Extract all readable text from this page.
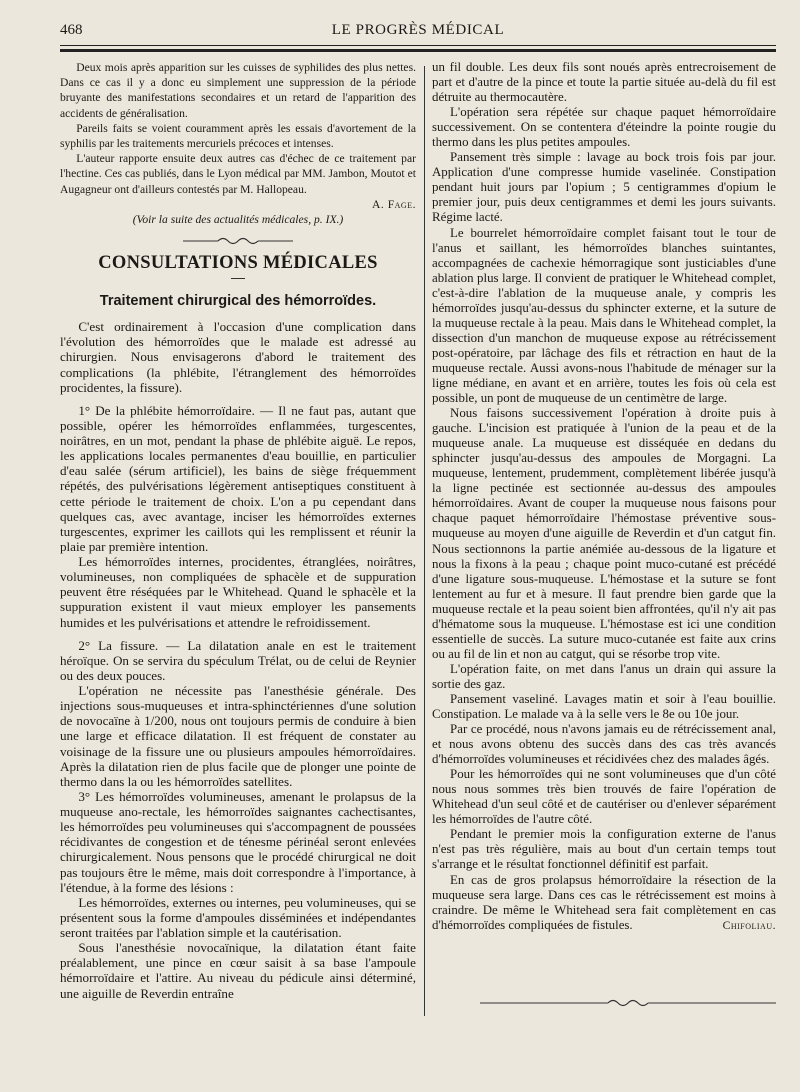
468	LE PROGRÈS MÉDICAL

Deux mois après apparition sur les cuisses de syphilides des plus nettes. Dans ce cas il y a donc eu simplement une suppression de la période bruyante des manifestations secondaires et un retard de l'apparition des accidents de généralisation.

Pareils faits se voient couramment après les essais d'avortement de la syphilis par les traitements mercuriels précoces et intenses.

L'auteur rapporte ensuite deux autres cas d'échec de ce traitement par l'hectine. Ces cas publiés, dans le Lyon médical par MM. Jambon, Moutot et Augagneur ont d'ailleurs contestés par M. Hallopeau.

A. Fage.

(Voir la suite des actualités médicales, p. IX.)

CONSULTATIONS MÉDICALES
Traitement chirurgical des hémorroïdes.

C'est ordinairement à l'occasion d'une complication dans l'évolution des hémorroïdes que le malade est adressé au chirurgien. Nous envisagerons d'abord le traitement des complications (la phlébite, l'étranglement des hémorroïdes procidentes, la fissure).

1° De la phlébite hémorroïdaire. — Il ne faut pas, autant que possible, opérer les hémorroïdes enflammées, turgescentes, noirâtres, en un mot, pendant la phase de phlébite aiguë. Le repos, les applications locales permanentes d'eau bouillie, en particulier d'eau salée (sérum artificiel), les bains de siège fréquemment répétés, des pulvérisations légèrement antiseptiques constituent à cette période le traitement de choix. L'on a pu cependant dans quelques cas, avec avantage, inciser les hémorroïdes externes turgescentes, exprimer les caillots qui les remplissent et réunir la plaie par première intention.

Les hémorroïdes internes, procidentes, étranglées, noirâtres, volumineuses, non compliquées de sphacèle et de suppuration peuvent être réséquées par le Whitehead. Quand le sphacèle et la suppuration existent il vaut mieux employer les pansements humides et les pulvérisations et attendre le refroidissement.

2° La fissure. — La dilatation anale en est le traitement héroïque. On se servira du spéculum Trélat, ou de celui de Reynier ou des deux pouces.

L'opération ne nécessite pas l'anesthésie générale. Des injections sous-muqueuses et intra-sphinctériennes d'une solution de novocaïne à 1/200, nous ont toujours permis de conduire à bien une large et efficace dilatation. Il est fréquent de constater au voisinage de la fissure une ou plusieurs ampoules hémorroïdaires. Après la dilatation rien de plus facile que de plonger une pointe de thermo dans la ou les hémorroïdes satellites.

3° Les hémorroïdes volumineuses, amenant le prolapsus de la muqueuse ano-rectale, les hémorroïdes saignantes cachectisantes, les hémorroïdes peu volumineuses qui s'accompagnent de poussées récidivantes de congestion et de ténesme périnéal seront enlevées chirurgicalement. Nous pensons que le procédé chirurgical ne doit pas toujours être le même, mais doit correspondre à l'importance, à l'étendue, à la forme des lésions :

Les hémorroïdes, externes ou internes, peu volumineuses, qui se présentent sous la forme d'ampoules disséminées et indépendantes seront traitées par l'ablation simple et la cautérisation.

Sous l'anesthésie novocaïnique, la dilatation étant faite préalablement, une pince en cœur saisit à sa base l'ampoule hémorroïdaire et l'attire. Au niveau du pédicule ainsi déterminé, une aiguille de Reverdin entraîne

un fil double. Les deux fils sont noués après entrecroisement de part et d'autre de la pince et toute la partie située au-delà du fil est détruite au thermocautère.

L'opération sera répétée sur chaque paquet hémorroïdaire successivement. On se contentera d'éteindre la pointe rougie du thermo dans les plus petites ampoules.

Pansement très simple : lavage au bock trois fois par jour. Application d'une compresse humide vaselinée. Constipation pendant huit jours par l'opium ; 5 centigrammes d'opium le premier jour, puis deux centigrammes et demi les jours suivants. Régime lacté.

Le bourrelet hémorroïdaire complet faisant tout le tour de l'anus et saillant, les hémorroïdes blanches suintantes, accompagnées de cachexie hémorragique sont justiciables d'une ablation plus large. Il convient de pratiquer le Whitehead complet, c'est-à-dire l'ablation de la muqueuse anale, y compris les hémorroïdes jusqu'au-dessus du sphincter externe, et la suture de la muqueuse rectale à la peau. Mais dans le Whitehead complet, la dissection d'un manchon de muqueuse expose au rétrécissement post-opératoire, par lâchage des fils et rétraction en haut de la muqueuse rectale. Aussi avons-nous l'habitude de ménager sur la ligne médiane, en avant et en arrière, toutes les fois où cela est possible, un pont de muqueuse de un centimètre de large.

Nous faisons successivement l'opération à droite puis à gauche. L'incision est pratiquée à l'union de la peau et de la muqueuse anale. La muqueuse est disséquée en dedans du sphincter jusqu'au-dessus des ampoules de Morgagni. La muqueuse, lentement, prudemment, complètement libérée jusqu'à la ligne pectinée est sectionnée au-dessus des ampoules hémorroïdaires. Avant de couper la muqueuse nous faisons pour chaque paquet hémorroïdaire l'hémostase préventive sous-muqueuse au moyen d'une aiguille de Reverdin et d'un catgut fin. Nous sectionnons la partie anémiée au-dessous de la ligature et nous la fixons à la peau ; chaque point muco-cutané est précédé d'une ligature sous-muqueuse. L'hémostase et la suture se font lentement au fur et à mesure. Il faut prendre bien garde que la muqueuse rectale et la peau soient bien affrontées, qu'il n'y ait pas d'hématome sous la muqueuse. L'hémostase est ici une condition essentielle de succès. La suture muco-cutanée est faite aux crins ou au fil de lin et non au catgut, qui se résorbe trop vite.

L'opération faite, on met dans l'anus un drain qui assure la sortie des gaz.

Pansement vaseliné. Lavages matin et soir à l'eau bouillie. Constipation. Le malade va à la selle vers le 8e ou 10e jour.

Par ce procédé, nous n'avons jamais eu de rétrécissement anal, et nous avons obtenu des succès dans des cas très avancés d'hémorroïdes volumineuses et récidivées chez des malades âgés.

Pour les hémorroïdes qui ne sont volumineuses que d'un côté nous nous sommes très bien trouvés de faire l'opération de Whitehead d'un seul côté et de cautériser ou d'enlever séparément les hémorroïdes de l'autre côté.

Pendant le premier mois la configuration externe de l'anus n'est pas très régulière, mais au bout d'un certain temps tout s'arrange et le résultat fonctionnel définitif est parfait.

En cas de gros prolapsus hémorroïdaire la résection de la muqueuse sera large. Dans ces cas le rétrécissement est moins à craindre. De même le Whitehead sera fait complètement en cas d'hémorroïdes compliquées de fistules.	Chifoliau.
